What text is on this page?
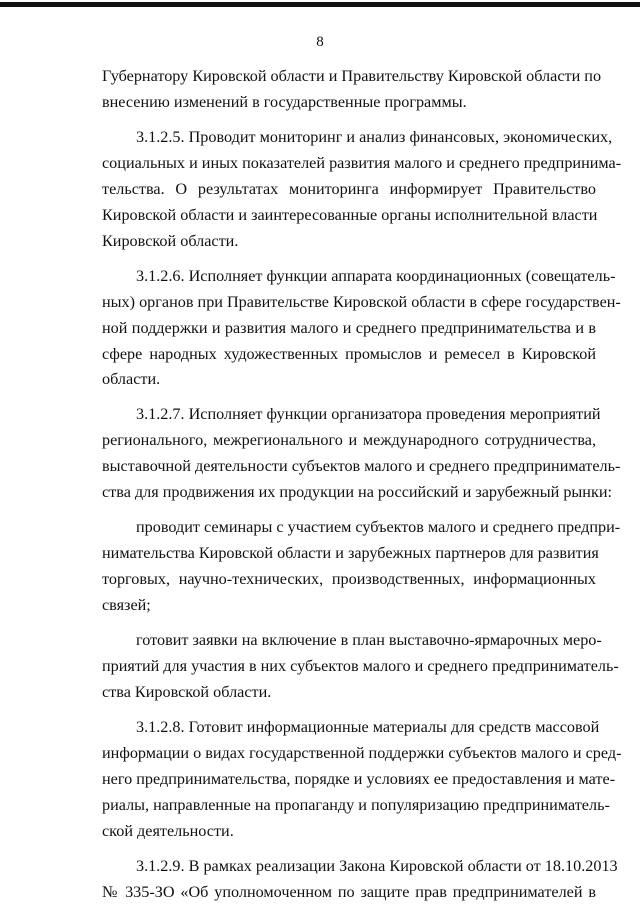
8

Губернатору Кировской области и Правительству Кировской области по
внесению изменений в государственные программы.

3.1.2.5. Проводит мониторинг и анализ финансовых, экономических,
социальных и иных показателей развития малого и среднего предпринима-
тельства. О результатах мониторинга информирует Правительство
Кировской области и заинтересованные органы исполнительной власти
Кировской области.

3.1.2.6. Исполняет функции аппарата координационных (совещатель-
ных) органов при Правительстве Кировской области в сфере государствен-
ной поддержки и развития малого и среднего предпринимательства и в
сфере народных художественных промыслов и ремесел в Кировской
области.

3.1.2.7. Исполняет функции организатора проведения мероприятий
регионального, межрегионального и международного сотрудничества,
выставочной деятельности субъектов малого и среднего предприниматель-
ства для продвижения их продукции на российский и зарубежный рынки:

проводит семинары с участием субъектов малого и среднего предпри-
нимательства Кировской области и зарубежных партнеров для развития
торговых, научно-технических, производственных, информационных
связей;

готовит заявки на включение в план выставочно-ярмарочных меро-
приятий для участия в них субъектов малого и среднего предприниматель-
ства Кировской области.

3.1.2.8. Готовит информационные материалы для средств массовой
информации о видах государственной поддержки субъектов малого и сред-
него предпринимательства, порядке и условиях ее предоставления и мате-
риалы, направленные на пропаганду и популяризацию предприниматель-
ской деятельности.

3.1.2.9. В рамках реализации Закона Кировской области от 18.10.2013
№ 335-ЗО «Об уполномоченном по защите прав предпринимателей в
